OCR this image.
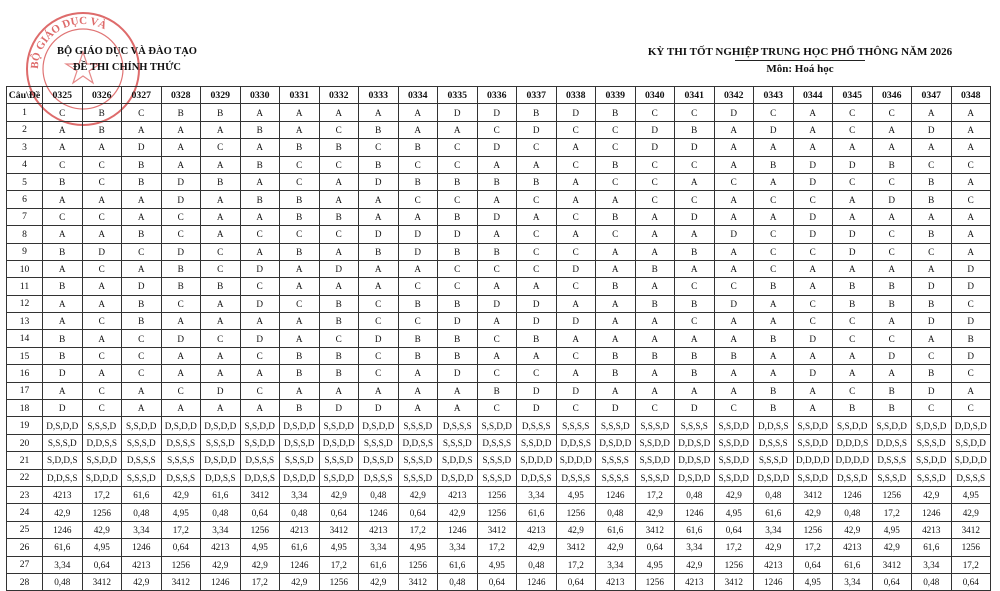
BỘ GIÁO DỤC VÀ
BỘ GIÁO DỤC VÀ ĐÀO TẠO
ĐỀ THI CHÍNH THỨC
KỲ THI TỐT NGHIỆP TRUNG HỌC PHỔ THÔNG NĂM 2026
Môn: Hoá học
Câu\Đề	0325	0326	0327	0328	0329	0330	0331	0332	0333	0334	0335	0336	0337	0338	0339	0340	0341	0342	0343	0344	0345	0346	0347	0348
1	C	B	C	B	B	A	A	A	A	A	D	D	B	D	B	C	C	D	C	A	C	C	A	A
2	A	B	A	A	A	B	A	C	B	A	A	C	D	C	C	D	B	A	D	A	C	A	D	A
3	A	A	D	A	C	A	B	B	C	B	C	D	C	A	C	D	D	A	A	A	A	A	A	A
4	C	C	B	A	A	B	C	C	B	C	C	A	A	C	B	C	C	A	B	D	D	B	C	C
5	B	C	B	D	B	A	C	A	D	B	B	B	B	A	C	C	A	C	A	D	C	C	B	A
6	A	A	A	D	A	B	B	A	A	C	C	A	C	A	A	C	C	A	C	C	A	D	B	C
7	C	C	A	C	A	A	B	B	A	A	B	D	A	C	B	A	D	A	A	D	A	A	A	A
8	A	A	B	C	A	C	C	C	D	D	D	A	C	A	C	A	A	D	C	D	D	C	B	A
9	B	D	C	D	C	A	B	A	B	D	B	B	C	C	A	A	B	A	C	C	D	C	C	A
10	A	C	A	B	C	D	A	D	A	A	C	C	C	D	A	B	A	A	C	A	A	A	A	D
11	B	A	D	B	B	C	A	A	A	C	C	A	A	C	B	A	C	C	B	A	B	B	D	D
12	A	A	B	C	A	D	C	B	C	B	B	D	D	A	A	B	B	D	A	C	B	B	B	C
13	A	C	B	A	A	A	A	B	C	C	D	A	D	D	A	A	C	A	A	C	C	A	D	D
14	B	A	C	D	C	D	A	C	D	B	B	C	B	A	A	A	A	A	B	D	C	C	A	B
15	B	C	C	A	A	C	B	B	C	B	B	A	A	C	B	B	B	B	A	A	A	D	C	D
16	D	A	C	A	A	A	B	B	C	A	D	C	C	A	B	A	B	A	A	D	A	A	B	C
17	A	C	A	C	D	C	A	A	A	A	A	B	D	D	A	A	A	A	B	A	C	B	D	A
18	D	C	A	A	A	A	B	D	D	A	A	C	D	C	D	C	D	C	B	A	B	B	C	C
19	D,S,D,D	S,S,S,D	S,S,D,D	D,S,D,D	D,S,D,D	S,S,D,D	D,S,D,D	S,S,D,D	D,S,D,D	S,S,S,D	D,S,S,S	S,S,D,D	D,S,S,S	S,S,S,S	S,S,S,D	S,S,S,D	S,S,S,S	S,S,D,D	D,D,S,S	S,S,D,D	S,S,D,D	S,S,D,D	S,D,S,D	D,D,S,D
20	S,S,S,D	D,D,S,S	S,S,S,D	D,S,S,S	S,S,S,D	S,S,D,D	D,S,S,D	D,S,D,D	S,S,S,D	D,D,S,S	S,S,S,D	D,S,S,S	S,S,D,D	D,D,S,S	D,S,D,D	S,S,D,D	D,D,S,D	S,S,D,D	D,S,S,S	S,S,D,D	D,D,D,S	D,D,S,S	S,S,S,D	S,S,D,D
21	S,D,D,S	S,S,D,D	D,S,S,S	S,S,S,S	D,S,D,D	D,S,S,S	S,S,S,D	S,S,S,D	D,S,S,D	S,S,S,D	S,D,D,S	S,S,S,D	S,D,D,D	S,D,D,D	S,S,S,S	S,S,D,D	D,D,S,D	S,S,D,D	S,S,S,D	D,D,D,D	D,D,D,D	D,S,S,S	S,S,D,D	S,D,D,D
22	D,D,S,S	S,D,D,D	S,S,S,D	D,S,S,S	D,D,S,S	D,D,S,S	D,S,D,D	S,S,D,D	D,S,S,S	S,S,S,D	D,S,D,D	S,S,S,D	D,D,S,S	D,S,S,S	S,S,S,S	S,S,S,D	D,S,D,D	S,S,D,D	D,S,D,D	S,S,D,D	D,S,S,D	S,S,S,D	S,S,S,D	D,S,S,S
23	4213	17,2	61,6	42,9	61,6	3412	3,34	42,9	0,48	42,9	4213	1256	3,34	4,95	1246	17,2	0,48	42,9	0,48	3412	1246	1256	42,9	4,95
24	42,9	1256	0,48	4,95	0,48	0,64	0,48	0,64	1246	0,64	42,9	1256	61,6	1256	0,48	42,9	1246	4,95	61,6	42,9	0,48	17,2	1246	42,9
25	1246	42,9	3,34	17,2	3,34	1256	4213	3412	4213	17,2	1246	3412	4213	42,9	61,6	3412	61,6	0,64	3,34	1256	42,9	4,95	4213	3412
26	61,6	4,95	1246	0,64	4213	4,95	61,6	4,95	3,34	4,95	3,34	17,2	42,9	3412	42,9	0,64	3,34	17,2	42,9	17,2	4213	42,9	61,6	1256
27	3,34	0,64	4213	1256	42,9	42,9	1246	17,2	61,6	1256	61,6	4,95	0,48	17,2	3,34	4,95	42,9	1256	4213	0,64	61,6	3412	3,34	17,2
28	0,48	3412	42,9	3412	1246	17,2	42,9	1256	42,9	3412	0,48	0,64	1246	0,64	4213	1256	4213	3412	1246	4,95	3,34	0,64	0,48	0,64
